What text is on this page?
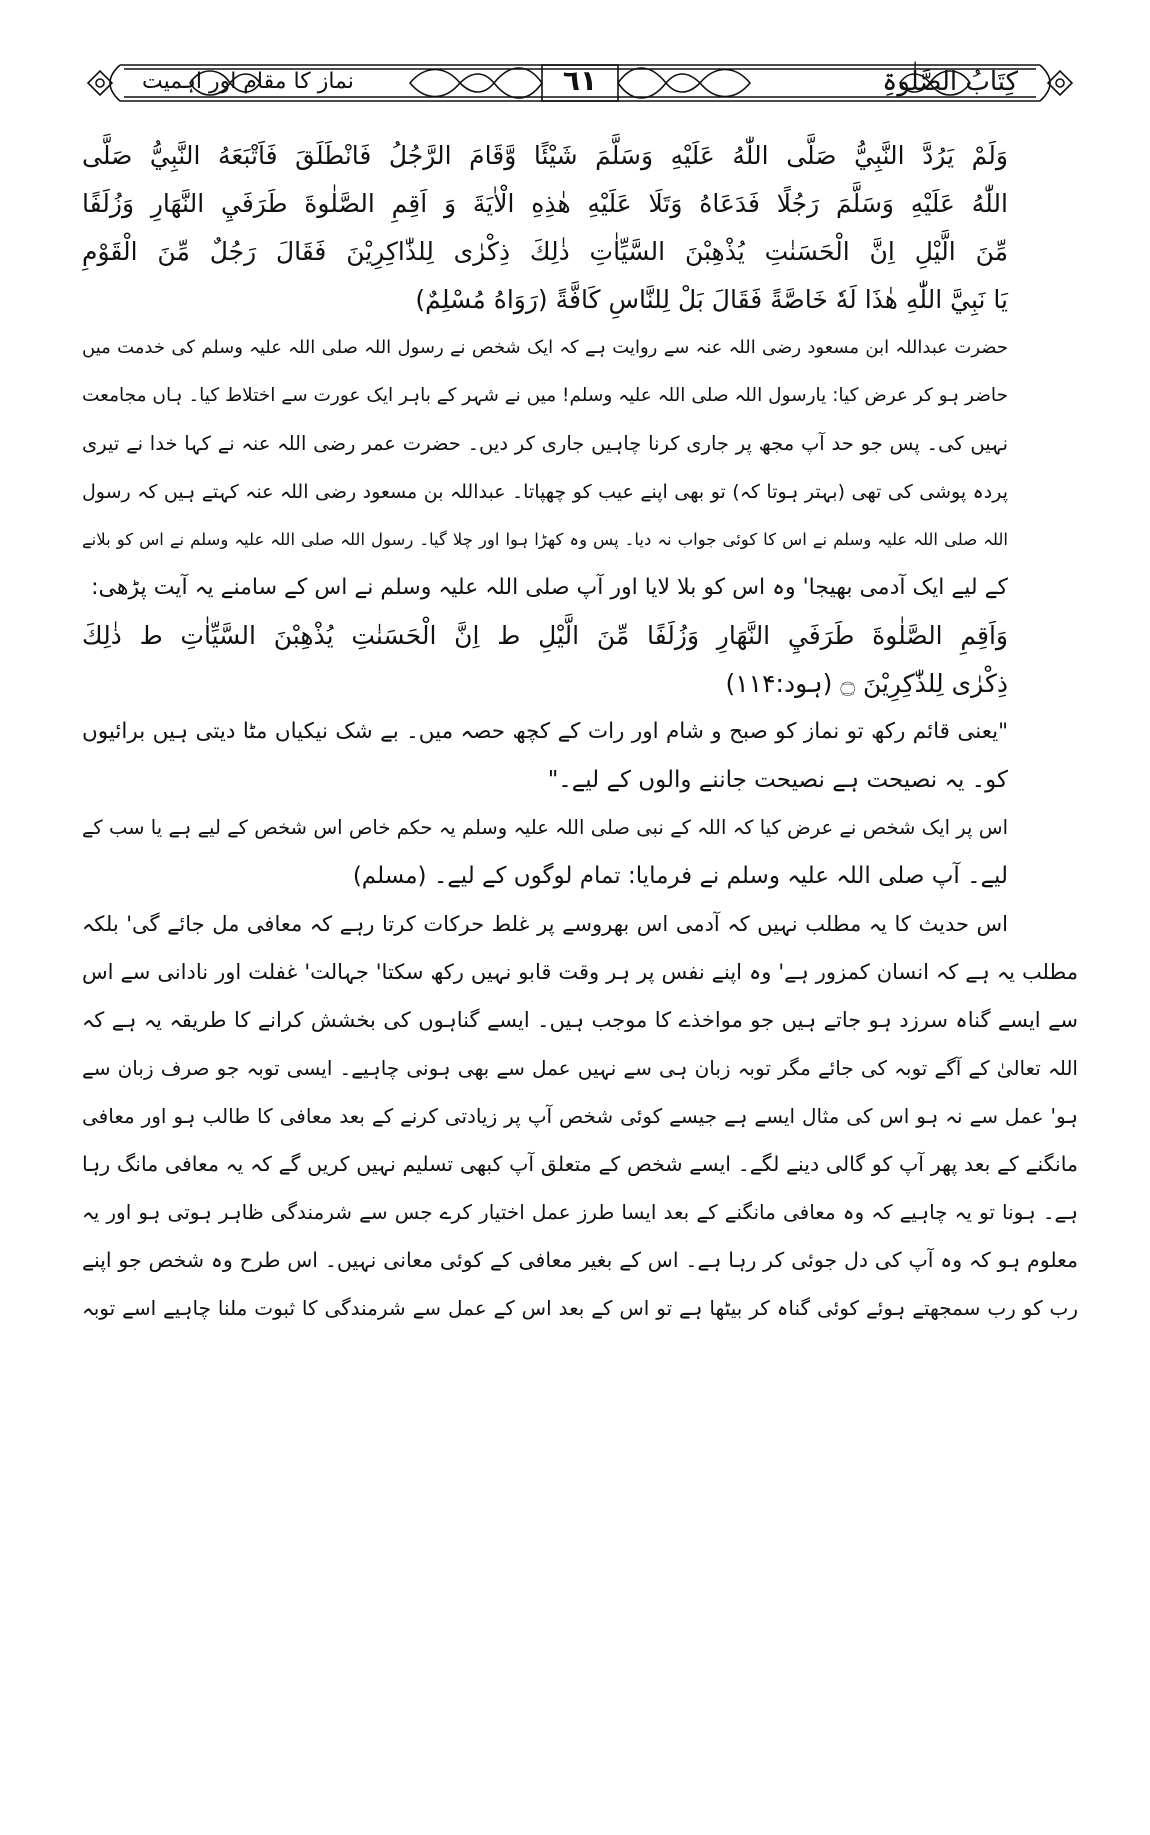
نماز کا مقام اور اہمیت	٦١	کِتَابُ الصَّلٰوۃِ
وَلَمْ يَرُدَّ النَّبِيُّ صَلَّى اللّٰهُ عَلَيْهِ وَسَلَّمَ شَيْئًا وَّقَامَ الرَّجُلُ فَانْطَلَقَ فَاَتْبَعَهُ النَّبِيُّ صَلَّى
اللّٰهُ عَلَيْهِ وَسَلَّمَ رَجُلًا فَدَعَاهُ وَتَلَا عَلَيْهِ هٰذِهِ الْاٰيَةَ وَ اَقِمِ الصَّلٰوةَ طَرَفَيِ النَّهَارِ وَزُلَفًا
مِّنَ الَّيْلِ اِنَّ الْحَسَنٰتِ يُذْهِبْنَ السَّيِّاٰتِ ذٰلِكَ ذِكْرٰى لِلذّٰاكِرِيْنَ فَقَالَ رَجُلٌ مِّنَ الْقَوْمِ
يَا نَبِيَّ اللّٰهِ هٰذَا لَهٗ خَاصَّةً فَقَالَ بَلْ لِلنَّاسِ كَافَّةً (رَوَاهُ مُسْلِمٌ)
حضرت عبداللہ ابن مسعود رضی اللہ عنہ سے روایت ہے کہ ایک شخص نے رسول اللہ صلی اللہ علیہ وسلم کی خدمت میں
حاضر ہو کر عرض کیا: یارسول اللہ صلی اللہ علیہ وسلم! میں نے شہر کے باہر ایک عورت سے اختلاط کیا۔ ہاں مجامعت
نہیں کی۔ پس جو حد آپ مجھ پر جاری کرنا چاہیں جاری کر دیں۔ حضرت عمر رضی اللہ عنہ نے کہا خدا نے تیری
پردہ پوشی کی تھی (بہتر ہوتا کہ) تو بھی اپنے عیب کو چھپاتا۔ عبداللہ بن مسعود رضی اللہ عنہ کہتے ہیں کہ رسول
اللہ صلی اللہ علیہ وسلم نے اس کا کوئی جواب نہ دیا۔ پس وہ کھڑا ہوا اور چلا گیا۔ رسول اللہ صلی اللہ علیہ وسلم نے اس کو بلانے
کے لیے ایک آدمی بھیجا' وہ اس کو بلا لایا اور آپ صلی اللہ علیہ وسلم نے اس کے سامنے یہ آیت پڑھی:
وَاَقِمِ الصَّلٰوةَ طَرَفَيِ النَّهَارِ وَزُلَفًا مِّنَ الَّيْلِ ط اِنَّ الْحَسَنٰتِ يُذْهِبْنَ السَّيِّاٰتِ ط ذٰلِكَ
ذِكْرٰى لِلذّٰكِرِيْنَ ۝ (ہود:۱۱۴)
"یعنی قائم رکھ تو نماز کو صبح و شام اور رات کے کچھ حصہ میں۔ بے شک نیکیاں مٹا دیتی ہیں برائیوں
کو۔ یہ نصیحت ہے نصیحت جاننے والوں کے لیے۔"
اس پر ایک شخص نے عرض کیا کہ اللہ کے نبی صلی اللہ علیہ وسلم یہ حکم خاص اس شخص کے لیے ہے یا سب کے
لیے۔ آپ صلی اللہ علیہ وسلم نے فرمایا: تمام لوگوں کے لیے۔ (مسلم)
اس حدیث کا یہ مطلب نہیں کہ آدمی اس بھروسے پر غلط حرکات کرتا رہے کہ معافی مل جائے گی' بلکہ
مطلب یہ ہے کہ انسان کمزور ہے' وہ اپنے نفس پر ہر وقت قابو نہیں رکھ سکتا' جہالت' غفلت اور نادانی سے اس
سے ایسے گناہ سرزد ہو جاتے ہیں جو مواخذے کا موجب ہیں۔ ایسے گناہوں کی بخشش کرانے کا طریقہ یہ ہے کہ
اللہ تعالیٰ کے آگے توبہ کی جائے مگر توبہ زبان ہی سے نہیں عمل سے بھی ہونی چاہیے۔ ایسی توبہ جو صرف زبان سے
ہو' عمل سے نہ ہو اس کی مثال ایسے ہے جیسے کوئی شخص آپ پر زیادتی کرنے کے بعد معافی کا طالب ہو اور معافی
مانگنے کے بعد پھر آپ کو گالی دینے لگے۔ ایسے شخص کے متعلق آپ کبھی تسلیم نہیں کریں گے کہ یہ معافی مانگ رہا
ہے۔ ہونا تو یہ چاہیے کہ وہ معافی مانگنے کے بعد ایسا طرز عمل اختیار کرے جس سے شرمندگی ظاہر ہوتی ہو اور یہ
معلوم ہو کہ وہ آپ کی دل جوئی کر رہا ہے۔ اس کے بغیر معافی کے کوئی معانی نہیں۔ اس طرح وہ شخص جو اپنے
رب کو رب سمجھتے ہوئے کوئی گناہ کر بیٹھا ہے تو اس کے بعد اس کے عمل سے شرمندگی کا ثبوت ملنا چاہیے اسے توبہ
